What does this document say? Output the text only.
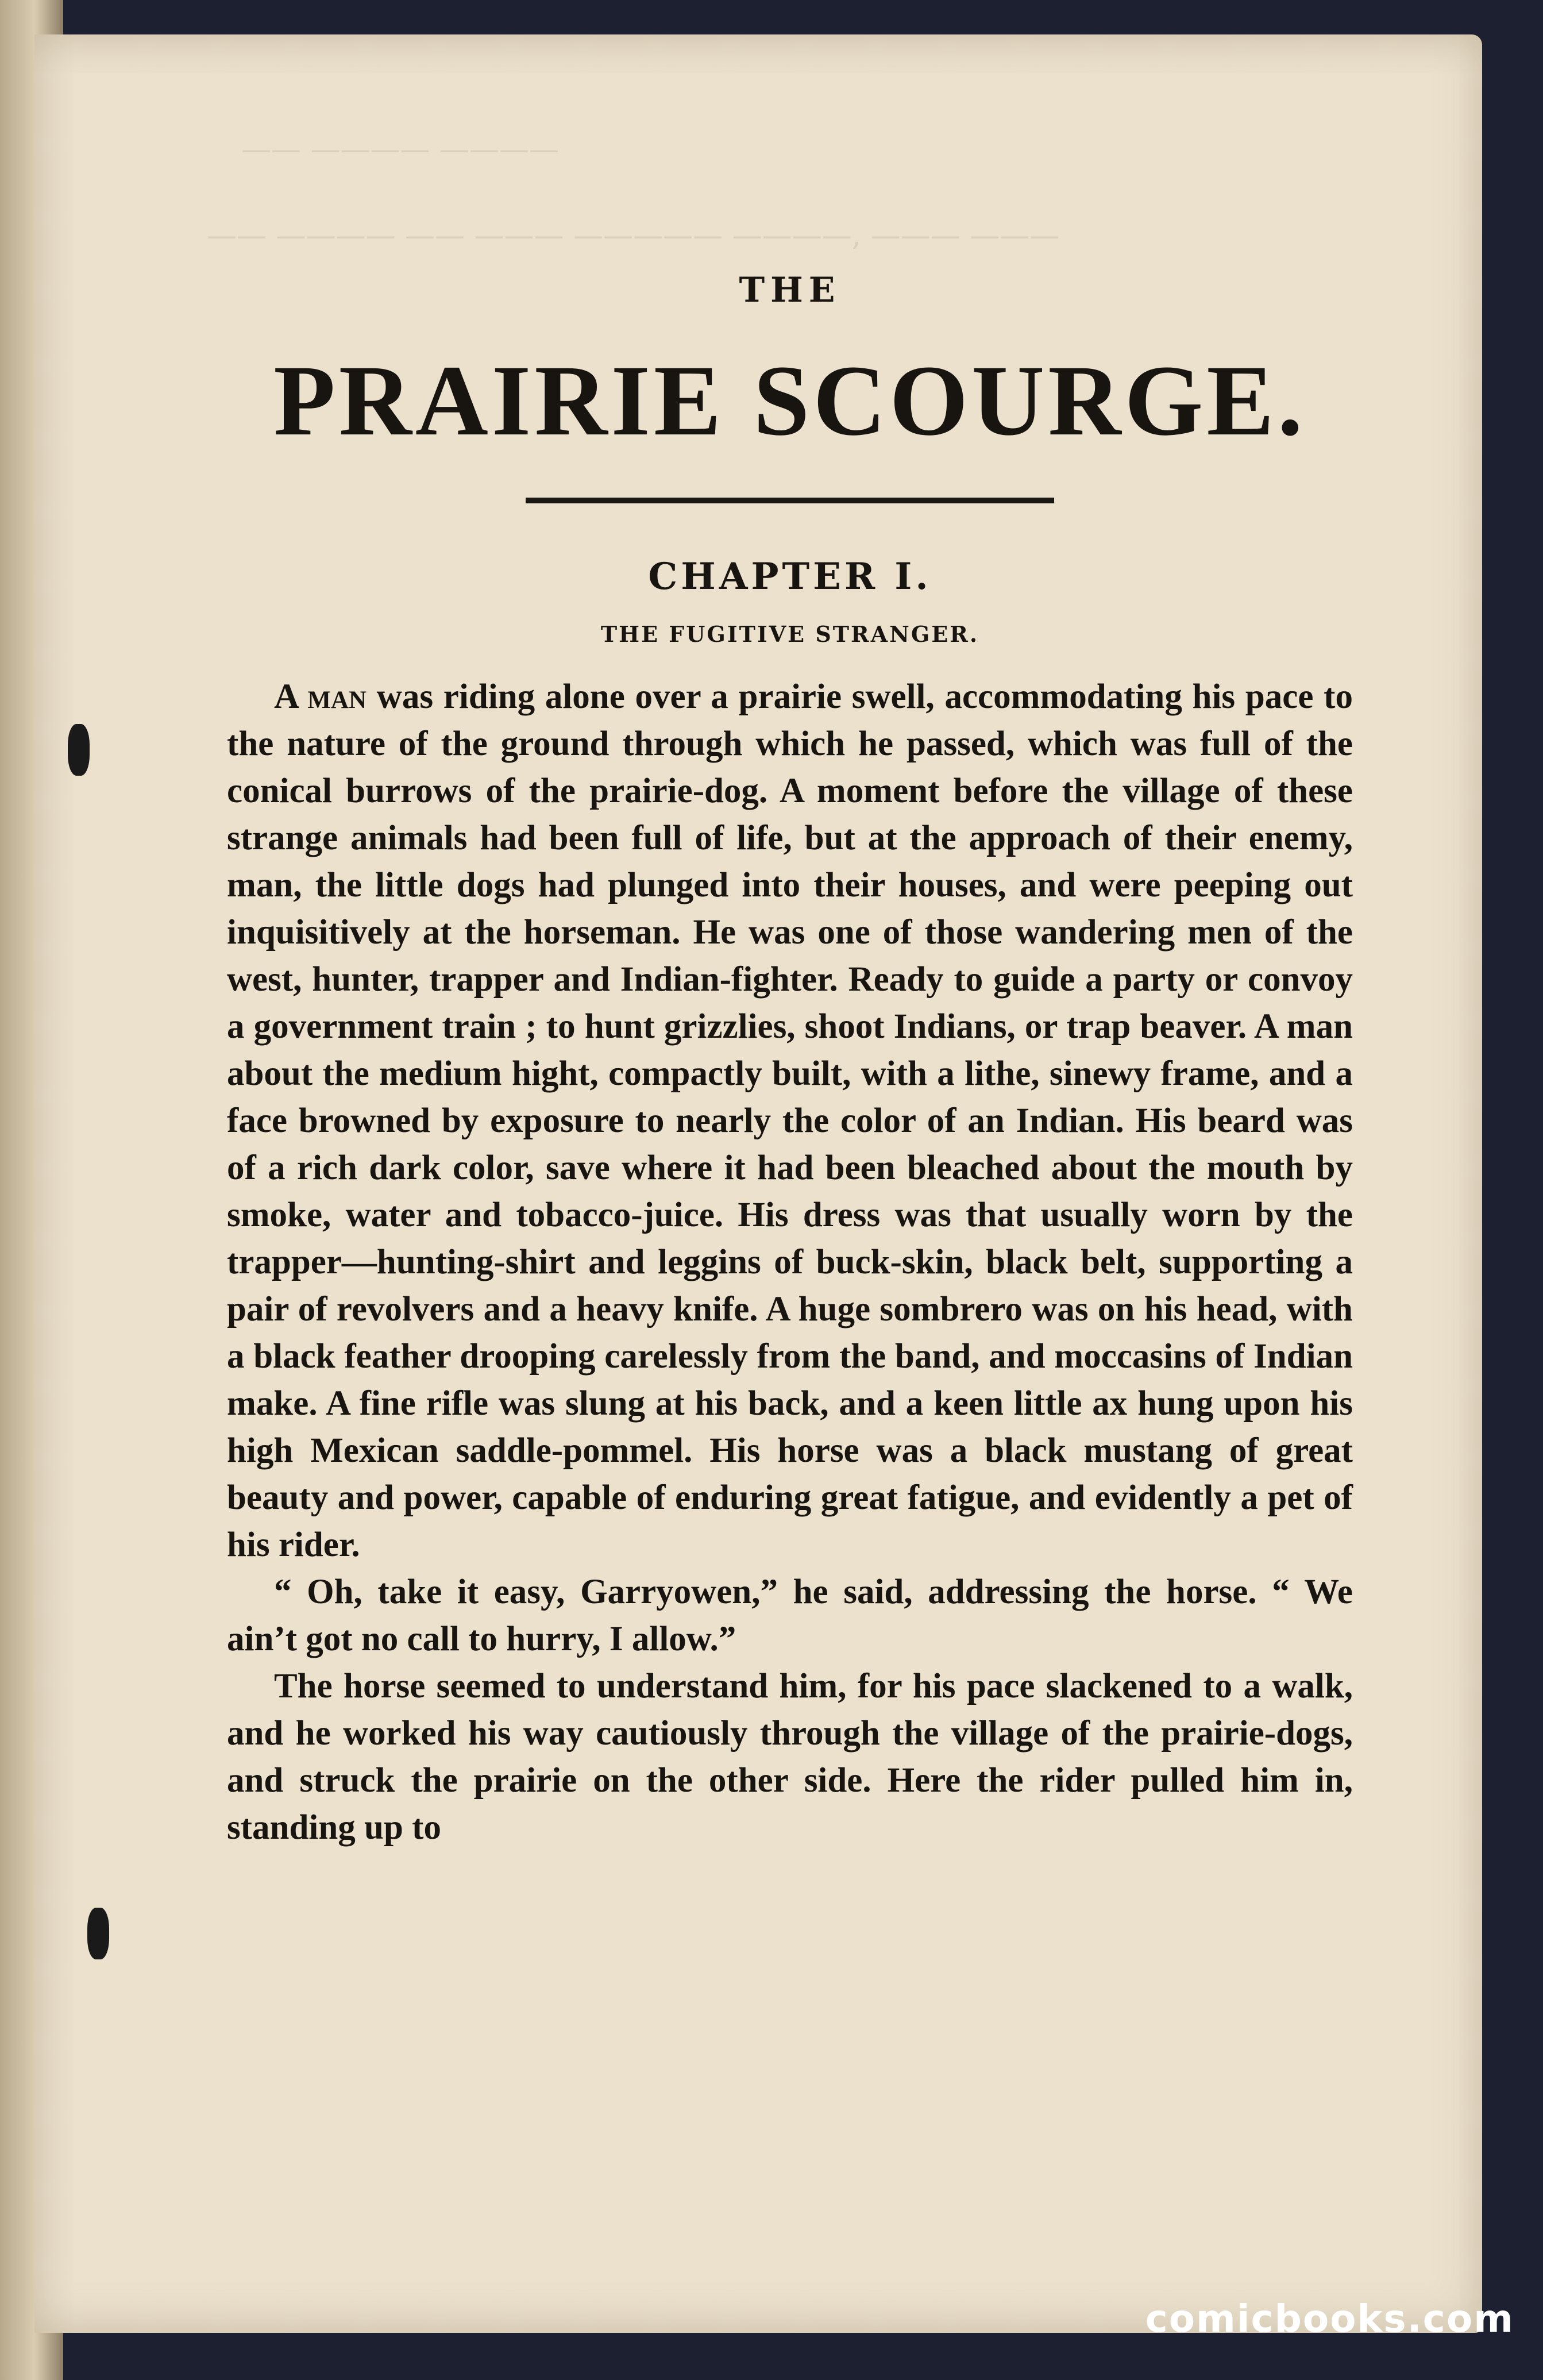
—— ———— ————
—— ———— —— ——— ————— ————, ——— ———
THE
PRAIRIE SCOURGE.
CHAPTER I.
THE FUGITIVE STRANGER.

A man was riding alone over a prairie swell, accommodating his pace to the nature of the ground through which he passed, which was full of the conical burrows of the prairie-dog. A moment before the village of these strange animals had been full of life, but at the approach of their enemy, man, the little dogs had plunged into their houses, and were peeping out inquisitively at the horseman. He was one of those wandering men of the west, hunter, trapper and Indian-fighter. Ready to guide a party or convoy a government train ; to hunt grizzlies, shoot Indians, or trap beaver. A man about the medium hight, compactly built, with a lithe, sinewy frame, and a face browned by exposure to nearly the color of an Indian. His beard was of a rich dark color, save where it had been bleached about the mouth by smoke, water and tobacco-juice. His dress was that usually worn by the trapper—hunting-shirt and leggins of buck-skin, black belt, supporting a pair of revolvers and a heavy knife. A huge sombrero was on his head, with a black feather drooping carelessly from the band, and moccasins of Indian make. A fine rifle was slung at his back, and a keen little ax hung upon his high Mexican saddle-pommel. His horse was a black mustang of great beauty and power, capable of enduring great fatigue, and evidently a pet of his rider.

“ Oh, take it easy, Garryowen,” he said, addressing the horse. “ We ain’t got no call to hurry, I allow.”

The horse seemed to understand him, for his pace slackened to a walk, and he worked his way cautiously through the village of the prairie-dogs, and struck the prairie on the other side. Here the rider pulled him in, standing up to

comicbooks.com
